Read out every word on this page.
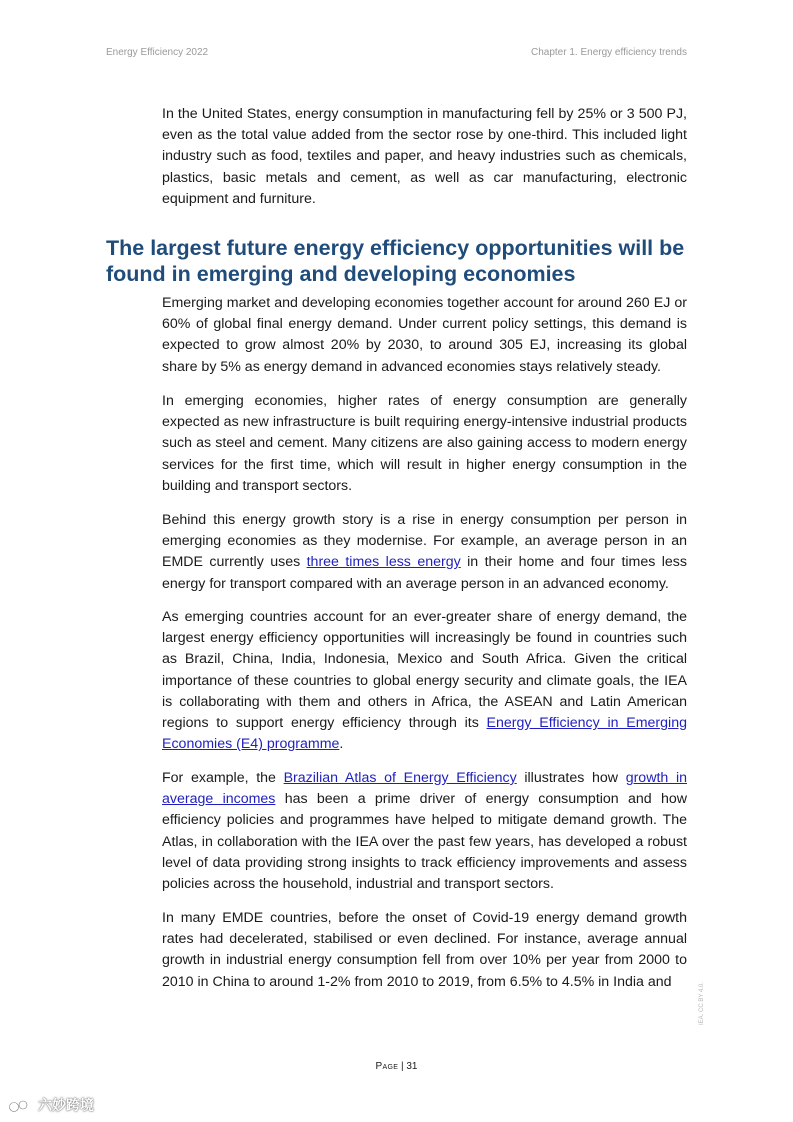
Energy Efficiency 2022	Chapter 1. Energy efficiency trends

In the United States, energy consumption in manufacturing fell by 25% or 3 500 PJ, even as the total value added from the sector rose by one-third. This included light industry such as food, textiles and paper, and heavy industries such as chemicals, plastics, basic metals and cement, as well as car manufacturing, electronic equipment and furniture.

The largest future energy efficiency opportunities will be found in emerging and developing economies

Emerging market and developing economies together account for around 260 EJ or 60% of global final energy demand. Under current policy settings, this demand is expected to grow almost 20% by 2030, to around 305 EJ, increasing its global share by 5% as energy demand in advanced economies stays relatively steady.

In emerging economies, higher rates of energy consumption are generally expected as new infrastructure is built requiring energy-intensive industrial products such as steel and cement. Many citizens are also gaining access to modern energy services for the first time, which will result in higher energy consumption in the building and transport sectors.

Behind this energy growth story is a rise in energy consumption per person in emerging economies as they modernise. For example, an average person in an EMDE currently uses three times less energy in their home and four times less energy for transport compared with an average person in an advanced economy.

As emerging countries account for an ever-greater share of energy demand, the largest energy efficiency opportunities will increasingly be found in countries such as Brazil, China, India, Indonesia, Mexico and South Africa. Given the critical importance of these countries to global energy security and climate goals, the IEA is collaborating with them and others in Africa, the ASEAN and Latin American regions to support energy efficiency through its Energy Efficiency in Emerging Economies (E4) programme.

For example, the Brazilian Atlas of Energy Efficiency illustrates how growth in average incomes has been a prime driver of energy consumption and how efficiency policies and programmes have helped to mitigate demand growth. The Atlas, in collaboration with the IEA over the past few years, has developed a robust level of data providing strong insights to track efficiency improvements and assess policies across the household, industrial and transport sectors.

In many EMDE countries, before the onset of Covid-19 energy demand growth rates had decelerated, stabilised or even declined. For instance, average annual growth in industrial energy consumption fell from over 10% per year from 2000 to 2010 in China to around 1-2% from 2010 to 2019, from 6.5% to 4.5% in India and

IEA. CC BY 4.0.
Page | 31
六妙跨境
